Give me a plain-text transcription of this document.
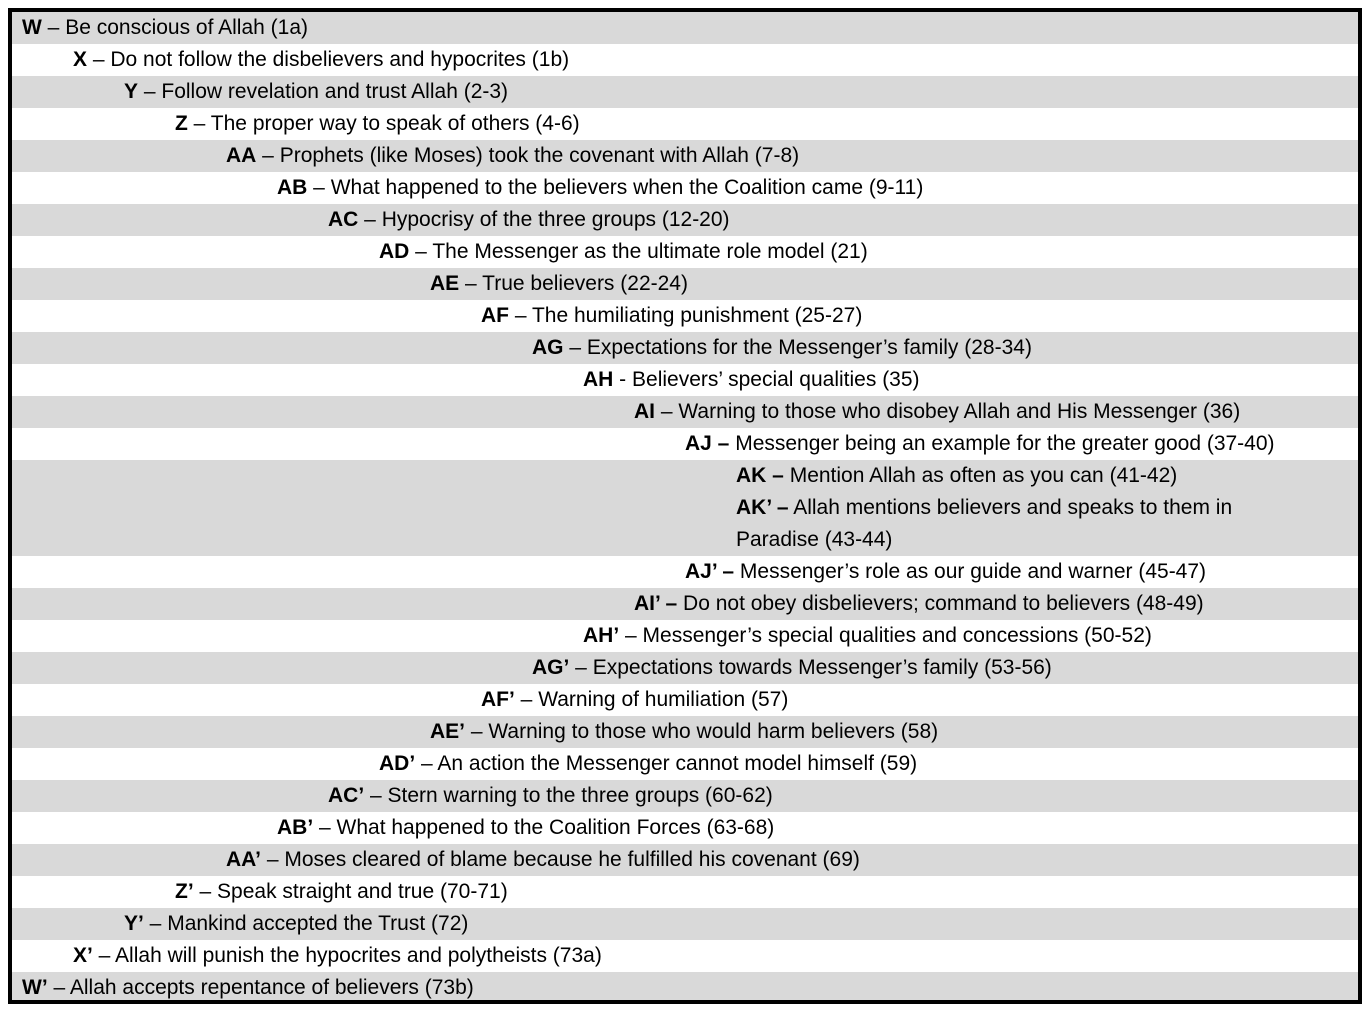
W – Be conscious of Allah (1a)
X – Do not follow the disbelievers and hypocrites (1b)
Y – Follow revelation and trust Allah (2-3)
Z – The proper way to speak of others (4-6)
AA – Prophets (like Moses) took the covenant with Allah (7-8)
AB – What happened to the believers when the Coalition came (9-11)
AC – Hypocrisy of the three groups (12-20)
AD – The Messenger as the ultimate role model (21)
AE – True believers (22-24)
AF – The humiliating punishment (25-27)
AG – Expectations for the Messenger’s family (28-34)
AH - Believers’ special qualities (35)
AI – Warning to those who disobey Allah and His Messenger (36)
AJ – Messenger being an example for the greater good (37-40)
AK – Mention Allah as often as you can (41-42)
AK’ – Allah mentions believers and speaks to them in Paradise (43-44)
AJ’ – Messenger’s role as our guide and warner (45-47)
AI’ – Do not obey disbelievers; command to believers (48-49)
AH’ – Messenger’s special qualities and concessions (50-52)
AG’ – Expectations towards Messenger’s family (53-56)
AF’ – Warning of humiliation (57)
AE’ – Warning to those who would harm believers (58)
AD’ – An action the Messenger cannot model himself (59)
AC’ – Stern warning to the three groups (60-62)
AB’ – What happened to the Coalition Forces (63-68)
AA’ – Moses cleared of blame because he fulfilled his covenant (69)
Z’ – Speak straight and true (70-71)
Y’ – Mankind accepted the Trust (72)
X’ – Allah will punish the hypocrites and polytheists (73a)
W’ – Allah accepts repentance of believers (73b)
